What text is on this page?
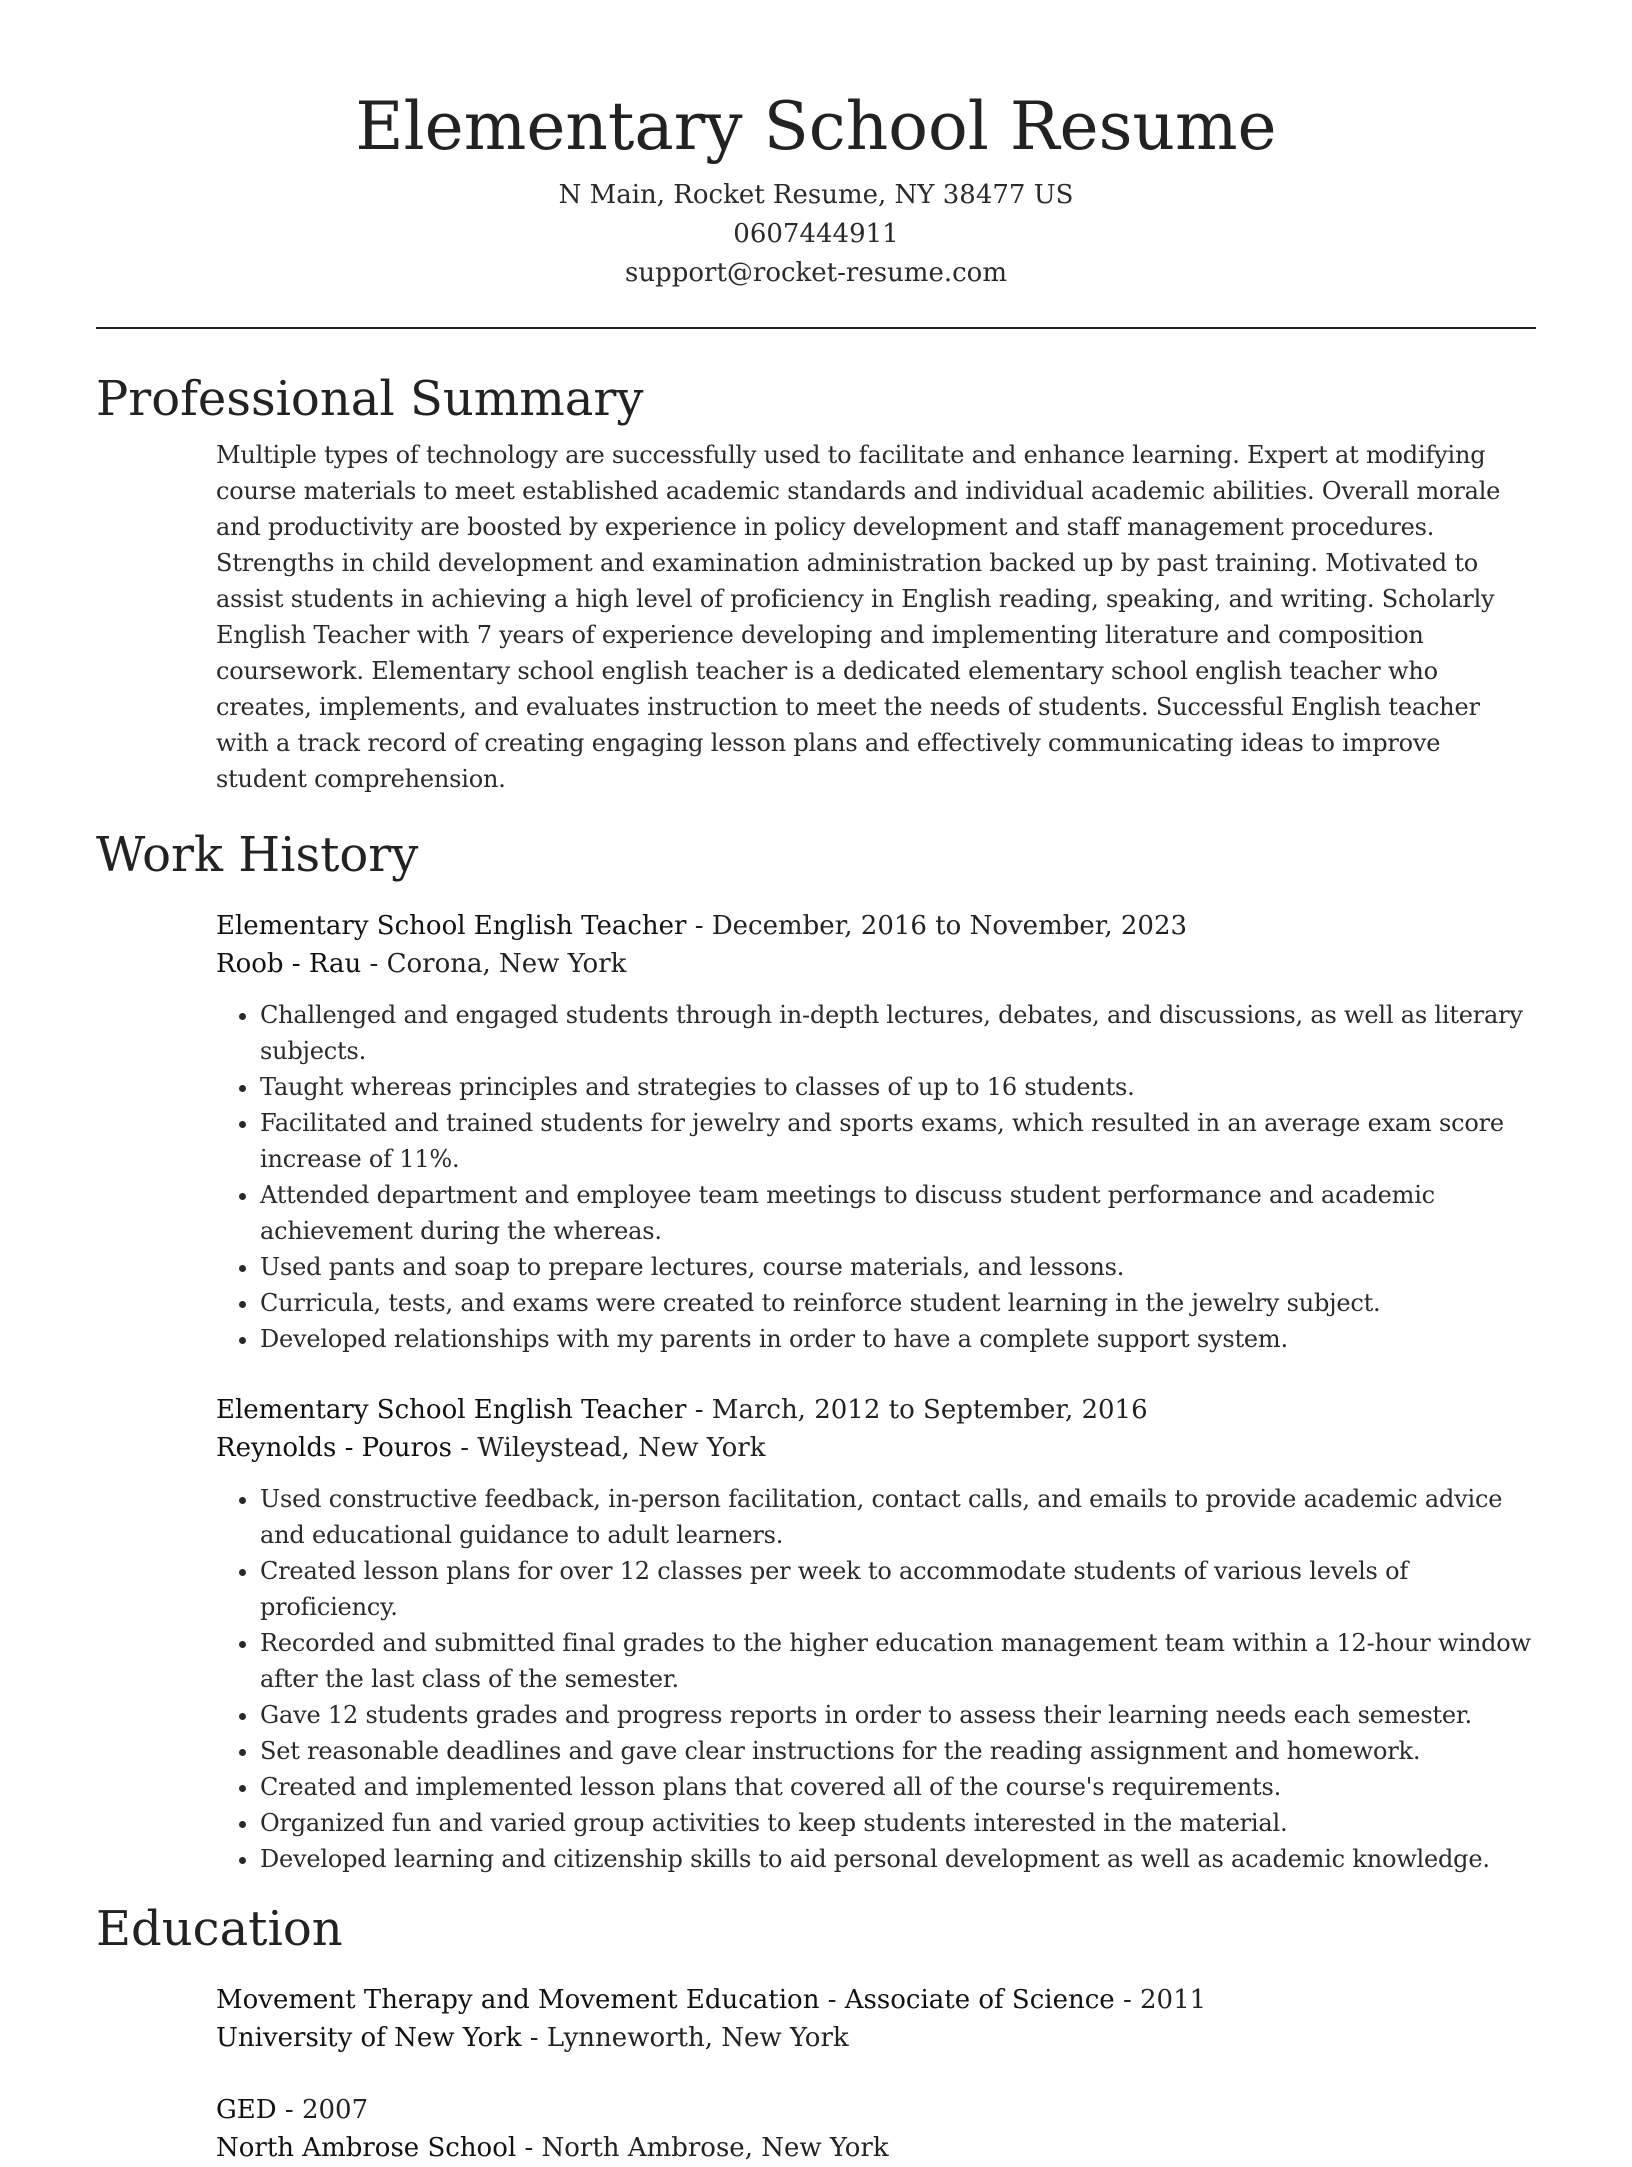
Elementary School Resume
N Main, Rocket Resume, NY 38477 US
0607444911
support@rocket-resume.com
Professional Summary
Multiple types of technology are successfully used to facilitate and enhance learning. Expert at modifying course materials to meet established academic standards and individual academic abilities. Overall morale and productivity are boosted by experience in policy development and staff management procedures. Strengths in child development and examination administration backed up by past training. Motivated to assist students in achieving a high level of proficiency in English reading, speaking, and writing. Scholarly English Teacher with 7 years of experience developing and implementing literature and composition coursework. Elementary school english teacher is a dedicated elementary school english teacher who creates, implements, and evaluates instruction to meet the needs of students. Successful English teacher with a track record of creating engaging lesson plans and effectively communicating ideas to improve student comprehension.
Work History
Elementary School English Teacher - December, 2016 to November, 2023
Roob - Rau - Corona, New York
• Challenged and engaged students through in-depth lectures, debates, and discussions, as well as literary subjects.
• Taught whereas principles and strategies to classes of up to 16 students.
• Facilitated and trained students for jewelry and sports exams, which resulted in an average exam score increase of 11%.
• Attended department and employee team meetings to discuss student performance and academic achievement during the whereas.
• Used pants and soap to prepare lectures, course materials, and lessons.
• Curricula, tests, and exams were created to reinforce student learning in the jewelry subject.
• Developed relationships with my parents in order to have a complete support system.
Elementary School English Teacher - March, 2012 to September, 2016
Reynolds - Pouros - Wileystead, New York
• Used constructive feedback, in-person facilitation, contact calls, and emails to provide academic advice and educational guidance to adult learners.
• Created lesson plans for over 12 classes per week to accommodate students of various levels of proficiency.
• Recorded and submitted final grades to the higher education management team within a 12-hour window after the last class of the semester.
• Gave 12 students grades and progress reports in order to assess their learning needs each semester.
• Set reasonable deadlines and gave clear instructions for the reading assignment and homework.
• Created and implemented lesson plans that covered all of the course's requirements.
• Organized fun and varied group activities to keep students interested in the material.
• Developed learning and citizenship skills to aid personal development as well as academic knowledge.
Education
Movement Therapy and Movement Education - Associate of Science - 2011
University of New York - Lynneworth, New York
GED - 2007
North Ambrose School - North Ambrose, New York
